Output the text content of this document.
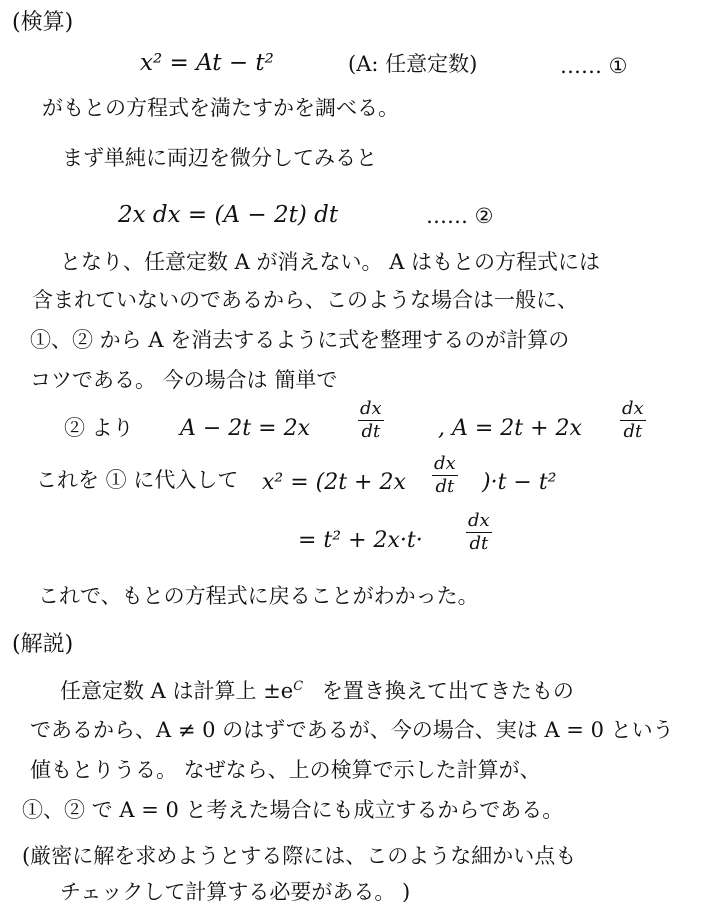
(検算)
x² = At − t²	(A: 任意定数)	…… ①
がもとの方程式を満たすかを調べる。
まず単純に両辺を微分してみると
2x dx = (A − 2t) dt	…… ②
となり、任意定数 A が消えない。 A はもとの方程式には
含まれていないのであるから、このような場合は一般に、
①、② から A を消去するように式を整理するのが計算の
コツである。 今の場合は 簡単で
② より A − 2t = 2x
dx
dt	, A = 2t + 2x
dx
dt
これを ① に代入して x² = (2t + 2x
dx
dt )·t − t²
= t² + 2x·t·
dx
dt
これで、もとの方程式に戻ることがわかった。
(解説)
任意定数 A は計算上 $\pm e^C$ を置き換えて出てきたもの
であるから、A ≠ 0 のはずであるが、今の場合、実は A = 0 という
値もとりうる。 なぜなら、上の検算で示した計算が、
①、② で A = 0 と考えた場合にも成立するからである。
(厳密に解を求めようとする際には、このような細かい点も
チェックして計算する必要がある。 )
